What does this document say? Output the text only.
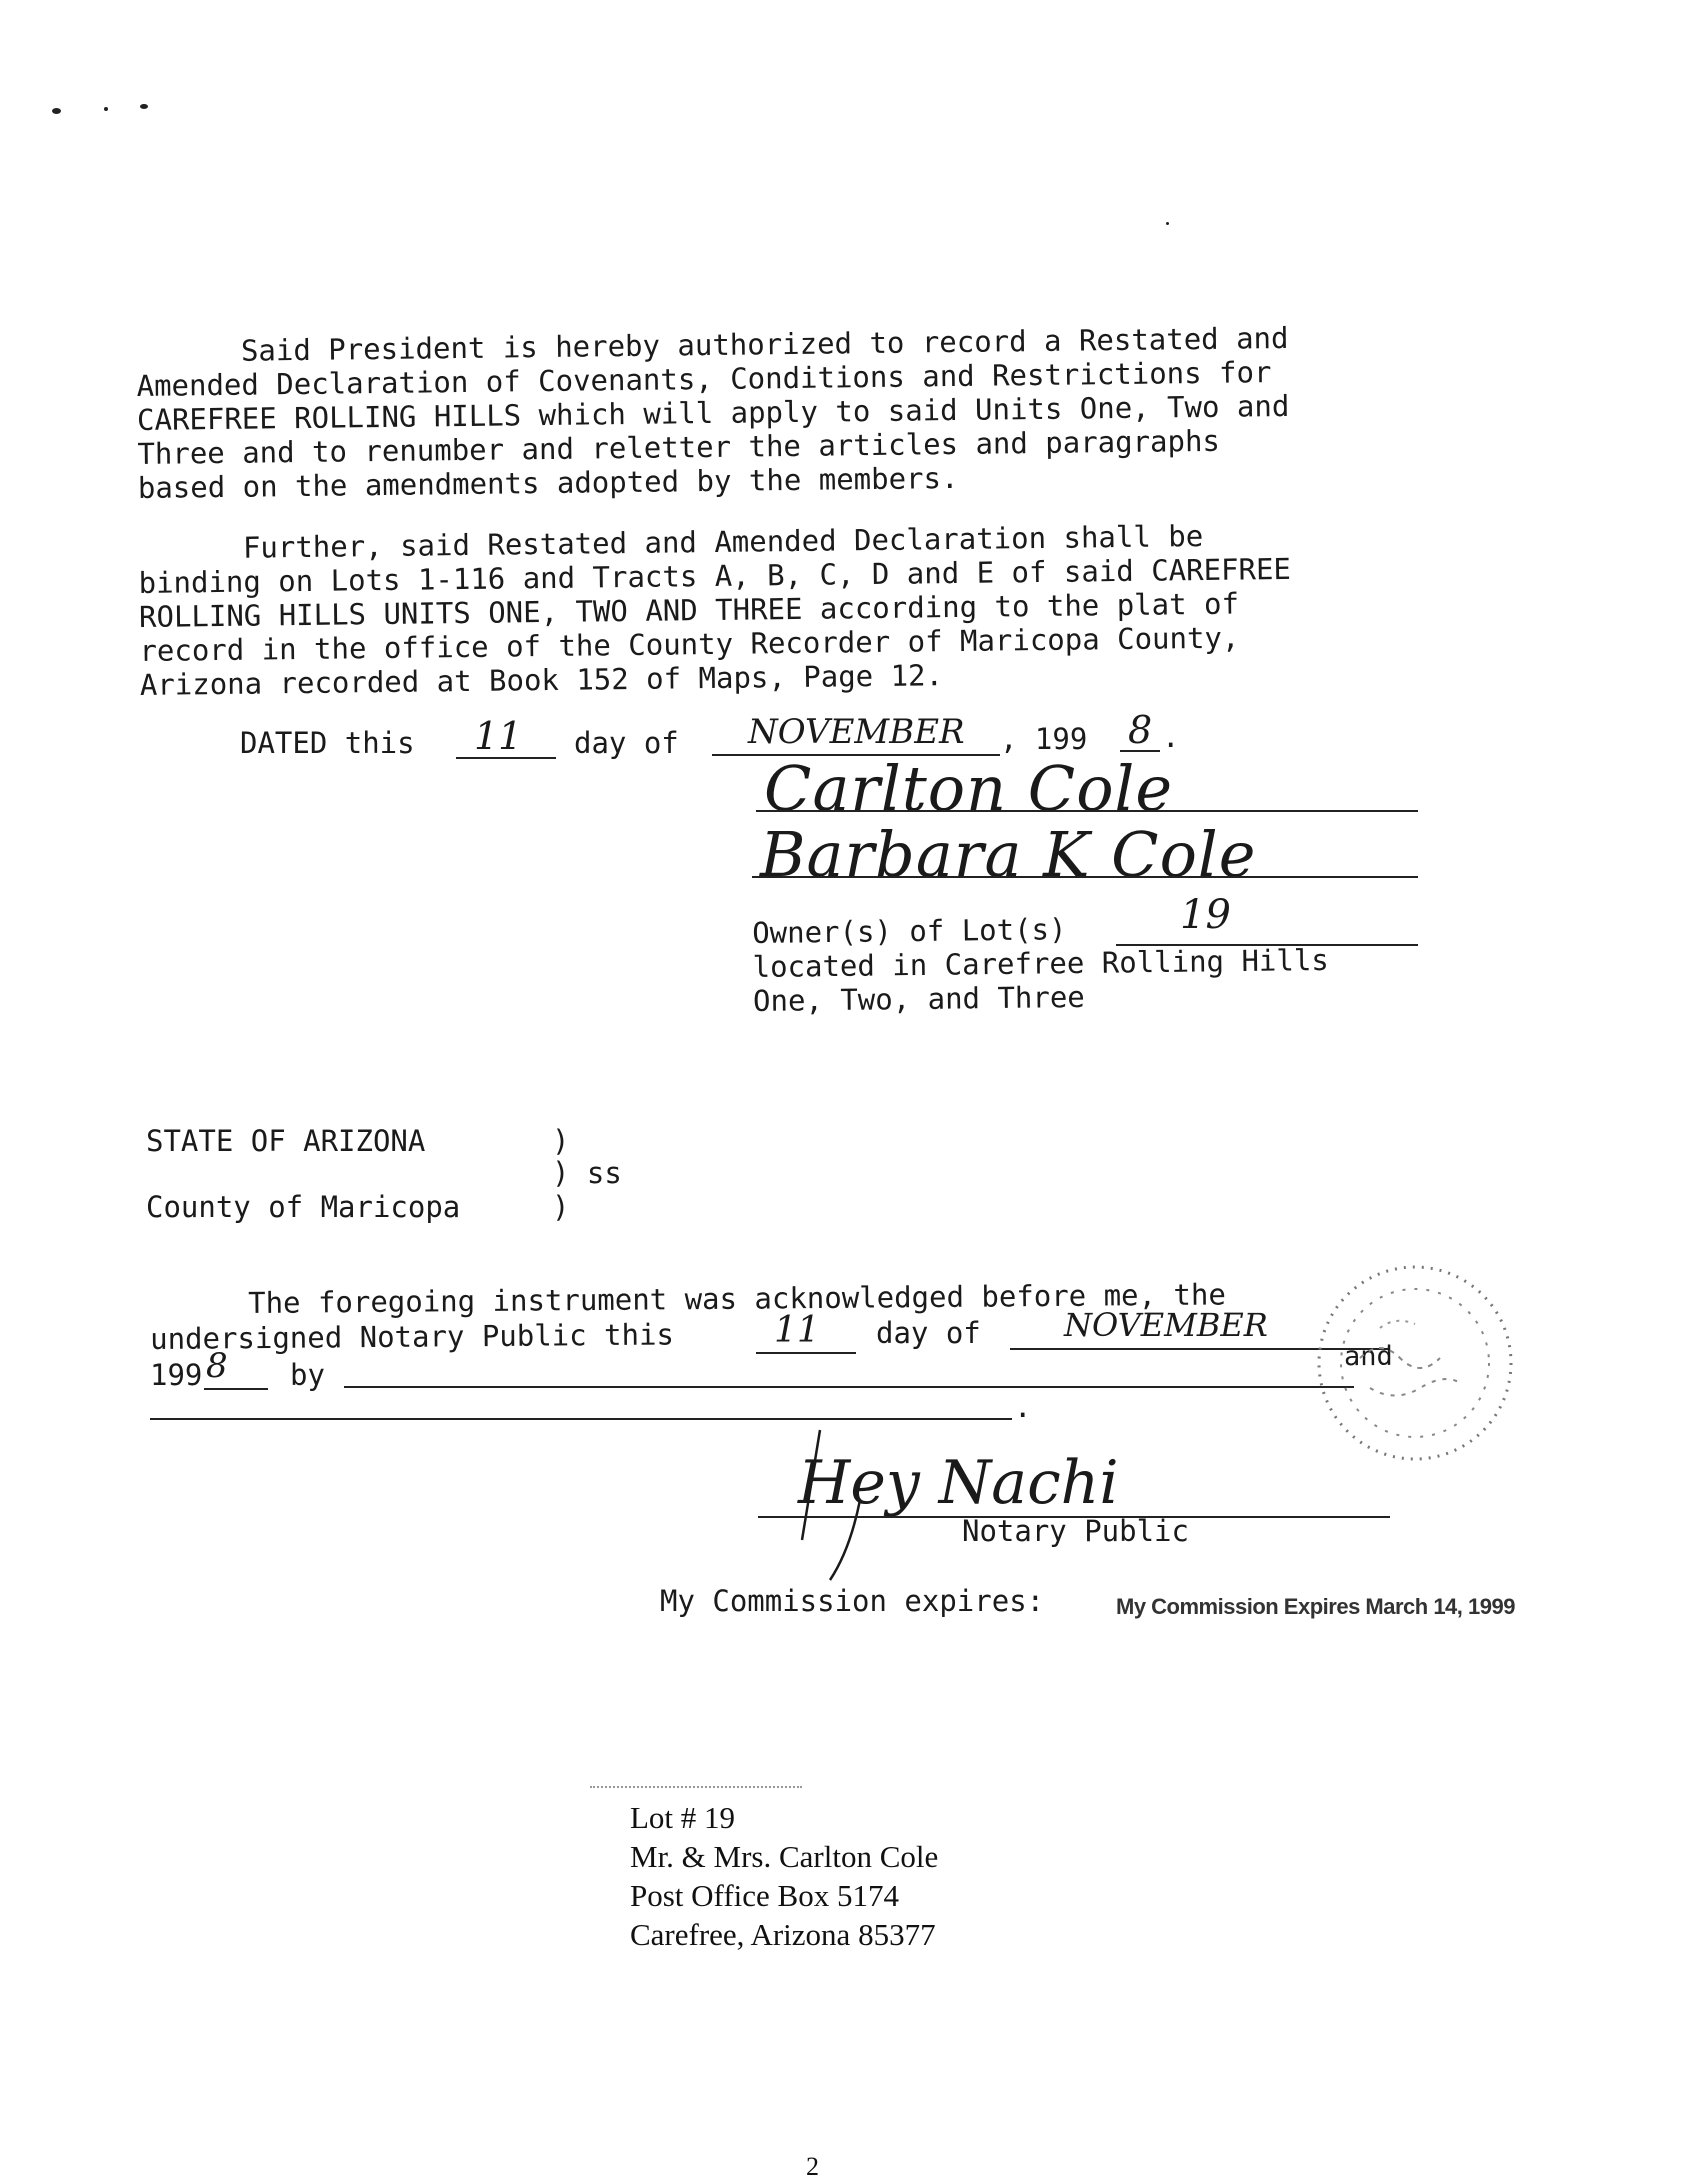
Said President is hereby authorized to record a Restated and
Amended Declaration of Covenants, Conditions and Restrictions for
CAREFREE ROLLING HILLS which will apply to said Units One, Two and
Three and to renumber and reletter the articles and paragraphs
based on the amendments adopted by the members.
Further, said Restated and Amended Declaration shall be
binding on Lots 1-116 and Tracts A, B, C, D and E of said CAREFREE
ROLLING HILLS UNITS ONE, TWO AND THREE according to the plat of
record in the office of the County Recorder of Maricopa County,
Arizona recorded at Book 152 of Maps, Page 12.
DATED this 11 day of NOVEMBER , 199 8 .
Carlton Cole
Barbara K Cole
Owner(s) of Lot(s)
located in Carefree Rolling Hills
One, Two, and Three
19
STATE OF ARIZONA	)
) ss
County of Maricopa	)
The foregoing instrument was acknowledged before me, the
undersigned Notary Public this	11 day of	NOVEMBER
and
199 8 by
.
Hey Nachi
Notary Public
My Commission expires:	My Commission Expires March 14, 1999
Lot # 19
Mr. & Mrs. Carlton Cole
Post Office Box 5174
Carefree, Arizona 85377
2
